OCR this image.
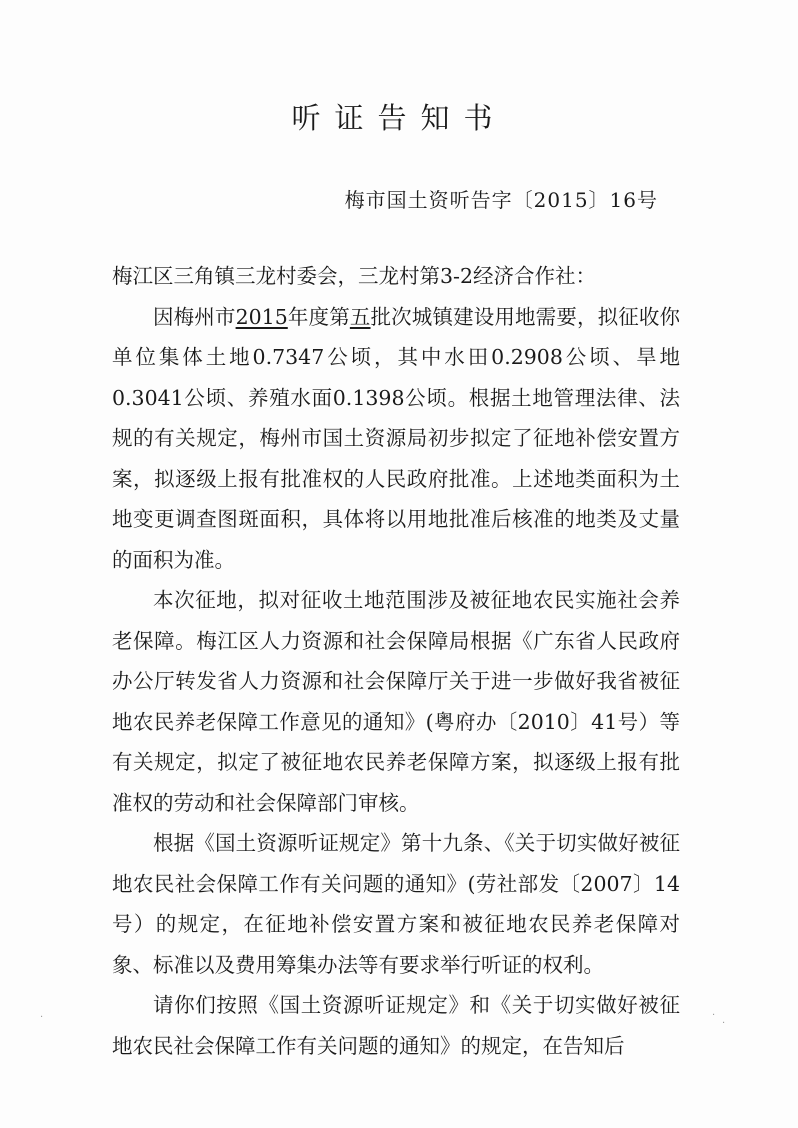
听证告知书
梅市国土资听告字〔2015〕16号

梅江区三角镇三龙村委会，三龙村第3-2经济合作社：

因梅州市2015年度第五批次城镇建设用地需要，拟征收你单位集体土地0.7347公顷，其中水田0.2908公顷、旱地0.3041公顷、养殖水面0.1398公顷。根据土地管理法律、法规的有关规定，梅州市国土资源局初步拟定了征地补偿安置方案，拟逐级上报有批准权的人民政府批准。上述地类面积为土地变更调查图斑面积，具体将以用地批准后核准的地类及丈量的面积为准。

本次征地，拟对征收土地范围涉及被征地农民实施社会养老保障。梅江区人力资源和社会保障局根据《广东省人民政府办公厅转发省人力资源和社会保障厅关于进一步做好我省被征地农民养老保障工作意见的通知》(粤府办〔2010〕41号）等有关规定，拟定了被征地农民养老保障方案，拟逐级上报有批准权的劳动和社会保障部门审核。

根据《国土资源听证规定》第十九条、《关于切实做好被征地农民社会保障工作有关问题的通知》(劳社部发〔2007〕14号）的规定，在征地补偿安置方案和被征地农民养老保障对象、标准以及费用筹集办法等有要求举行听证的权利。

请你们按照《国土资源听证规定》和《关于切实做好被征地农民社会保障工作有关问题的通知》的规定，在告知后

·	·
·
